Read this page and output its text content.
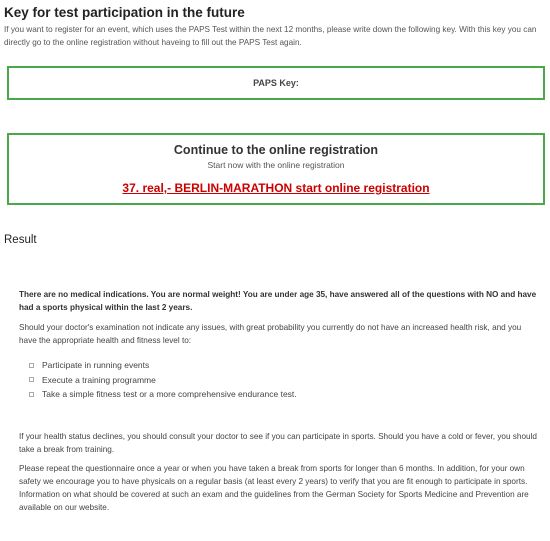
Key for test participation in the future
If you want to register for an event, which uses the PAPS Test within the next 12 months, please write down the following key. With this key you can directly go to the online registration without haveing to fill out the PAPS Test again.
PAPS Key:
Continue to the online registration
Start now with the online registration
37. real,- BERLIN-MARATHON start online registration
Result
There are no medical indications. You are normal weight! You are under age 35, have answered all of the questions with NO and have had a sports physical within the last 2 years.
Should your doctor's examination not indicate any issues, with great probability you currently do not have an increased health risk, and you have the appropriate health and fitness level to:
Participate in running events
Execute a training programme
Take a simple fitness test or a more comprehensive endurance test.
If your health status declines, you should consult your doctor to see if you can participate in sports. Should you have a cold or fever, you should take a break from training.
Please repeat the questionnaire once a year or when you have taken a break from sports for longer than 6 months. In addition, for your own safety we encourage you to have physicals on a regular basis (at least every 2 years) to verify that you are fit enough to participate in sports. Information on what should be covered at such an exam and the guidelines from the German Society for Sports Medicine and Prevention are available on our website.
